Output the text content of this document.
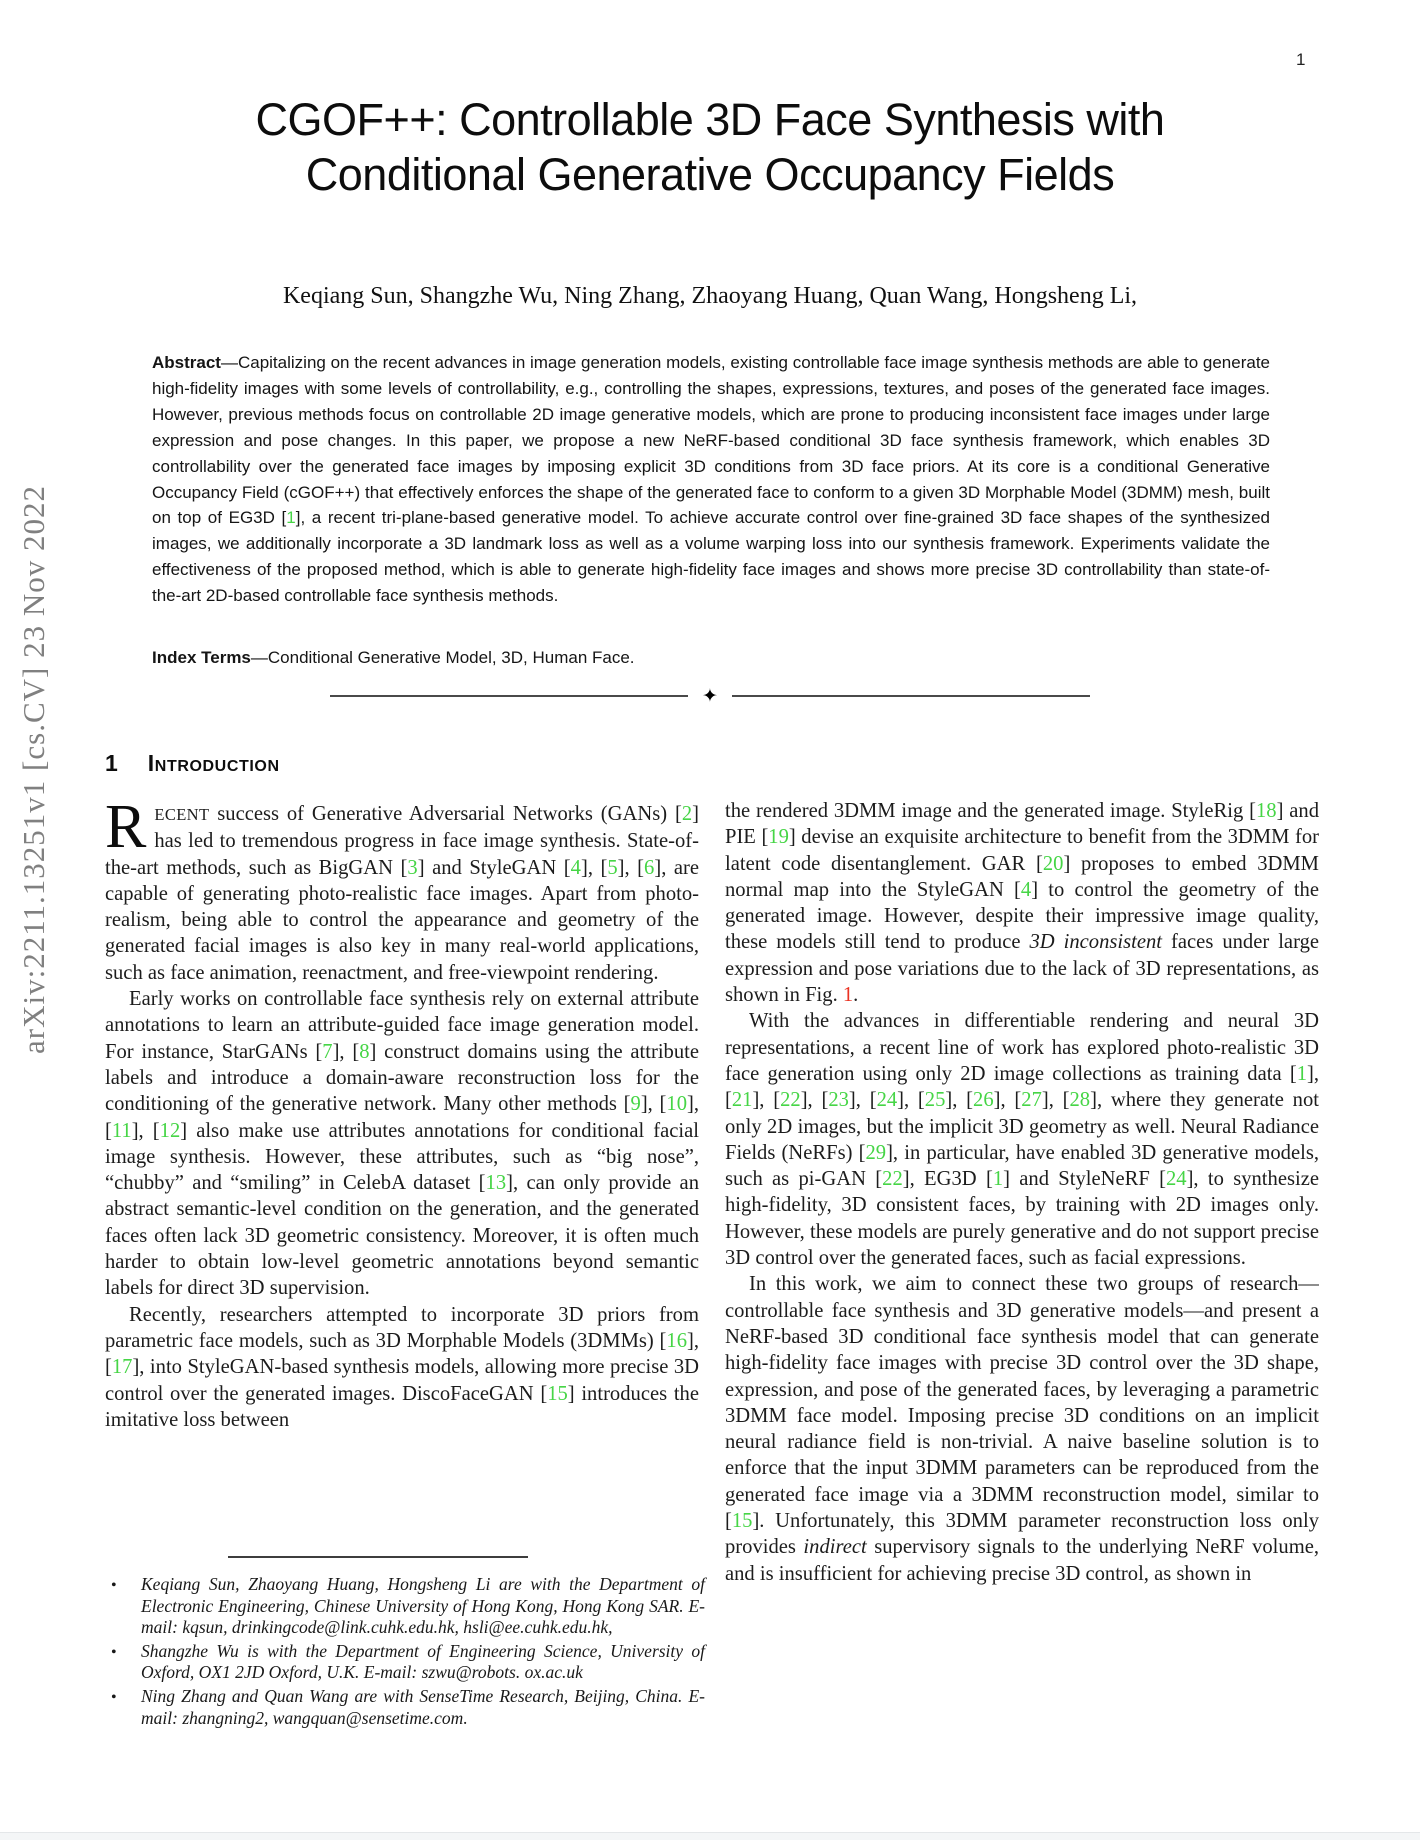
1
arXiv:2211.13251v1 [cs.CV] 23 Nov 2022
CGOF++: Controllable 3D Face Synthesis with
Conditional Generative Occupancy Fields
Keqiang Sun, Shangzhe Wu, Ning Zhang, Zhaoyang Huang, Quan Wang, Hongsheng Li,
Abstract—Capitalizing on the recent advances in image generation models, existing controllable face image synthesis methods are able to generate high-fidelity images with some levels of controllability, e.g., controlling the shapes, expressions, textures, and poses of the generated face images. However, previous methods focus on controllable 2D image generative models, which are prone to producing inconsistent face images under large expression and pose changes. In this paper, we propose a new NeRF-based conditional 3D face synthesis framework, which enables 3D controllability over the generated face images by imposing explicit 3D conditions from 3D face priors. At its core is a conditional Generative Occupancy Field (cGOF++) that effectively enforces the shape of the generated face to conform to a given 3D Morphable Model (3DMM) mesh, built on top of EG3D [1], a recent tri-plane-based generative model. To achieve accurate control over fine-grained 3D face shapes of the synthesized images, we additionally incorporate a 3D landmark loss as well as a volume warping loss into our synthesis framework. Experiments validate the effectiveness of the proposed method, which is able to generate high-fidelity face images and shows more precise 3D controllability than state-of-the-art 2D-based controllable face synthesis methods.
Index Terms—Conditional Generative Model, 3D, Human Face.
✦
1 Introduction

RECENT success of Generative Adversarial Networks (GANs) [2] has led to tremendous progress in face image synthesis. State-of-the-art methods, such as BigGAN [3] and StyleGAN [4], [5], [6], are capable of generating photo-realistic face images. Apart from photo-realism, being able to control the appearance and geometry of the generated facial images is also key in many real-world applications, such as face animation, reenactment, and free-viewpoint rendering.

Early works on controllable face synthesis rely on external attribute annotations to learn an attribute-guided face image generation model. For instance, StarGANs [7], [8] construct domains using the attribute labels and introduce a domain-aware reconstruction loss for the conditioning of the generative network. Many other methods [9], [10], [11], [12] also make use attributes annotations for conditional facial image synthesis. However, these attributes, such as “big nose”, “chubby” and “smiling” in CelebA dataset [13], can only provide an abstract semantic-level condition on the generation, and the generated faces often lack 3D geometric consistency. Moreover, it is often much harder to obtain low-level geometric annotations beyond semantic labels for direct 3D supervision.

Recently, researchers attempted to incorporate 3D priors from parametric face models, such as 3D Morphable Models (3DMMs) [16], [17], into StyleGAN-based synthesis models, allowing more precise 3D control over the generated images. DiscoFaceGAN [15] introduces the imitative loss between

the rendered 3DMM image and the generated image. StyleRig [18] and PIE [19] devise an exquisite architecture to benefit from the 3DMM for latent code disentanglement. GAR [20] proposes to embed 3DMM normal map into the StyleGAN [4] to control the geometry of the generated image. However, despite their impressive image quality, these models still tend to produce 3D inconsistent faces under large expression and pose variations due to the lack of 3D representations, as shown in Fig. 1.

With the advances in differentiable rendering and neural 3D representations, a recent line of work has explored photo-realistic 3D face generation using only 2D image collections as training data [1], [21], [22], [23], [24], [25], [26], [27], [28], where they generate not only 2D images, but the implicit 3D geometry as well. Neural Radiance Fields (NeRFs) [29], in particular, have enabled 3D generative models, such as pi-GAN [22], EG3D [1] and StyleNeRF [24], to synthesize high-fidelity, 3D consistent faces, by training with 2D images only. However, these models are purely generative and do not support precise 3D control over the generated faces, such as facial expressions.

In this work, we aim to connect these two groups of research—controllable face synthesis and 3D generative models—and present a NeRF-based 3D conditional face synthesis model that can generate high-fidelity face images with precise 3D control over the 3D shape, expression, and pose of the generated faces, by leveraging a parametric 3DMM face model. Imposing precise 3D conditions on an implicit neural radiance field is non-trivial. A naive baseline solution is to enforce that the input 3DMM parameters can be reproduced from the generated face image via a 3DMM reconstruction model, similar to [15]. Unfortunately, this 3DMM parameter reconstruction loss only provides indirect supervisory signals to the underlying NeRF volume, and is insufficient for achieving precise 3D control, as shown in

•	Keqiang Sun, Zhaoyang Huang, Hongsheng Li are with the Department of Electronic Engineering, Chinese University of Hong Kong, Hong Kong SAR. E-mail: kqsun, drinkingcode@link.cuhk.edu.hk, hsli@ee.cuhk.edu.hk,
•	Shangzhe Wu is with the Department of Engineering Science, University of Oxford, OX1 2JD Oxford, U.K. E-mail: szwu@robots. ox.ac.uk
•	Ning Zhang and Quan Wang are with SenseTime Research, Beijing, China. E-mail: zhangning2, wangquan@sensetime.com.
